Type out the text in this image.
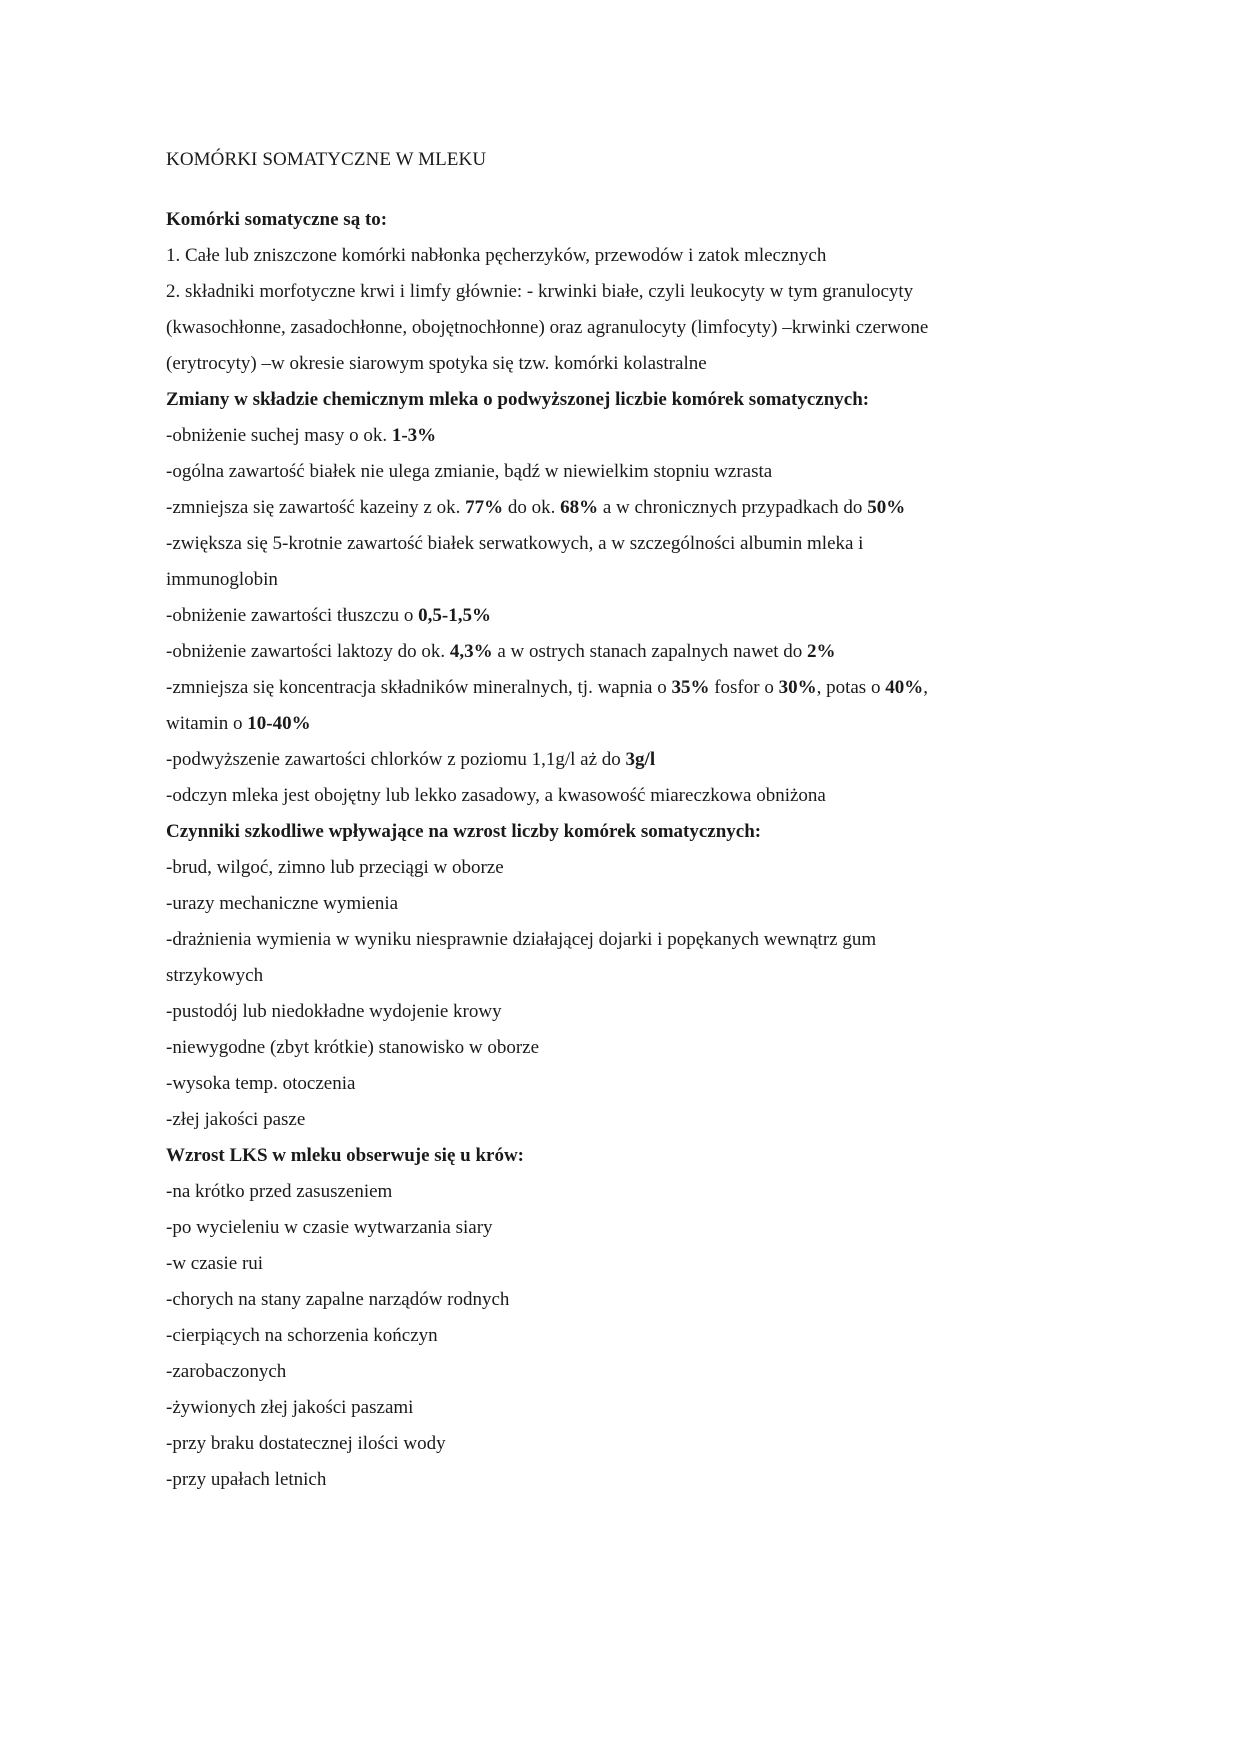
KOMÓRKI SOMATYCZNE W MLEKU

Komórki somatyczne są to:

1. Całe lub zniszczone komórki nabłonka pęcherzyków, przewodów i zatok mlecznych

2. składniki morfotyczne krwi i limfy głównie: - krwinki białe, czyli leukocyty w tym granulocyty (kwasochłonne, zasadochłonne, obojętnochłonne) oraz agranulocyty (limfocyty) –krwinki czerwone (erytrocyty) –w okresie siarowym spotyka się tzw. komórki kolastralne

Zmiany w składzie chemicznym mleka o podwyższonej liczbie komórek somatycznych:

-obniżenie suchej masy o ok. 1-3%

-ogólna zawartość białek nie ulega zmianie, bądź w niewielkim stopniu wzrasta

-zmniejsza się zawartość kazeiny z ok. 77% do ok. 68% a w chronicznych przypadkach do 50%

-zwiększa się 5-krotnie zawartość białek serwatkowych, a w szczególności albumin mleka i immunoglobin

-obniżenie zawartości tłuszczu o 0,5-1,5%

-obniżenie zawartości laktozy do ok. 4,3% a w ostrych stanach zapalnych nawet do 2%

-zmniejsza się koncentracja składników mineralnych, tj. wapnia o 35% fosfor o 30%, potas o 40%, witamin o 10-40%

-podwyższenie zawartości chlorków z poziomu 1,1g/l aż do 3g/l

-odczyn mleka jest obojętny lub lekko zasadowy, a kwasowość miareczkowa obniżona

Czynniki szkodliwe wpływające na wzrost liczby komórek somatycznych:

-brud, wilgoć, zimno lub przeciągi w oborze

-urazy mechaniczne wymienia

-drażnienia wymienia w wyniku niesprawnie działającej dojarki i popękanych wewnątrz gum strzykowych

-pustodój lub niedokładne wydojenie krowy

-niewygodne (zbyt krótkie) stanowisko w oborze

-wysoka temp. otoczenia

-złej jakości pasze

Wzrost LKS w mleku obserwuje się u krów:

-na krótko przed zasuszeniem

-po wycieleniu w czasie wytwarzania siary

-w czasie rui

-chorych na stany zapalne narządów rodnych

-cierpiących na schorzenia kończyn

-zarobaczonych

-żywionych złej jakości paszami

-przy braku dostatecznej ilości wody

-przy upałach letnich
